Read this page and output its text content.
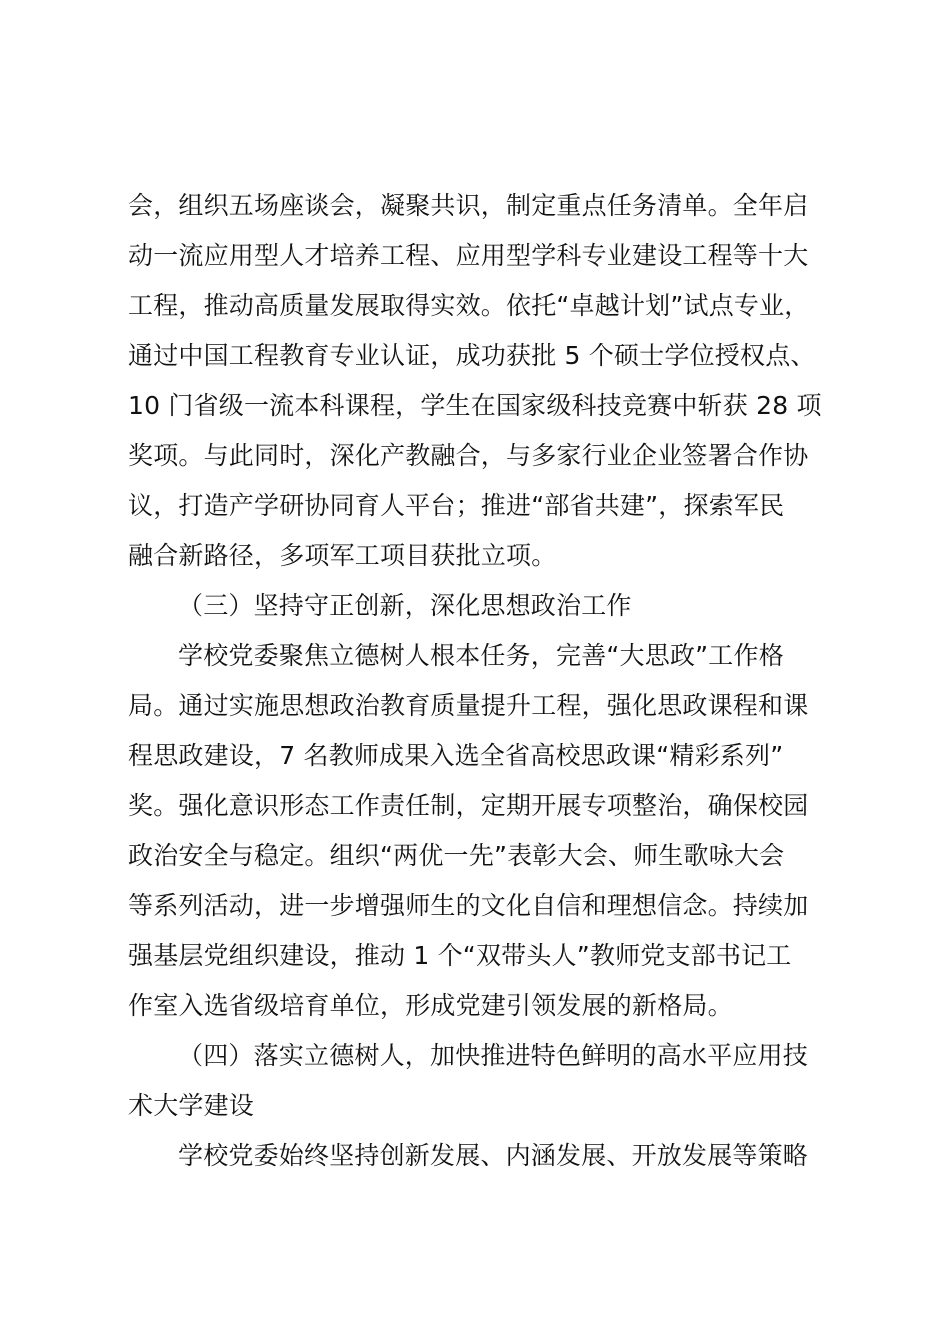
会，组织五场座谈会，凝聚共识，制定重点任务清单。全年启
动一流应用型人才培养工程、应用型学科专业建设工程等十大
工程，推动高质量发展取得实效。依托“卓越计划”试点专业，
通过中国工程教育专业认证，成功获批 5 个硕士学位授权点、
10 门省级一流本科课程，学生在国家级科技竞赛中斩获 28 项
奖项。与此同时，深化产教融合，与多家行业企业签署合作协
议，打造产学研协同育人平台；推进“部省共建”，探索军民
融合新路径，多项军工项目获批立项。
（三）坚持守正创新，深化思想政治工作
学校党委聚焦立德树人根本任务，完善“大思政”工作格
局。通过实施思想政治教育质量提升工程，强化思政课程和课
程思政建设，7 名教师成果入选全省高校思政课“精彩系列”
奖。强化意识形态工作责任制，定期开展专项整治，确保校园
政治安全与稳定。组织“两优一先”表彰大会、师生歌咏大会
等系列活动，进一步增强师生的文化自信和理想信念。持续加
强基层党组织建设，推动 1 个“双带头人”教师党支部书记工
作室入选省级培育单位，形成党建引领发展的新格局。
（四）落实立德树人，加快推进特色鲜明的高水平应用技
术大学建设
学校党委始终坚持创新发展、内涵发展、开放发展等策略
